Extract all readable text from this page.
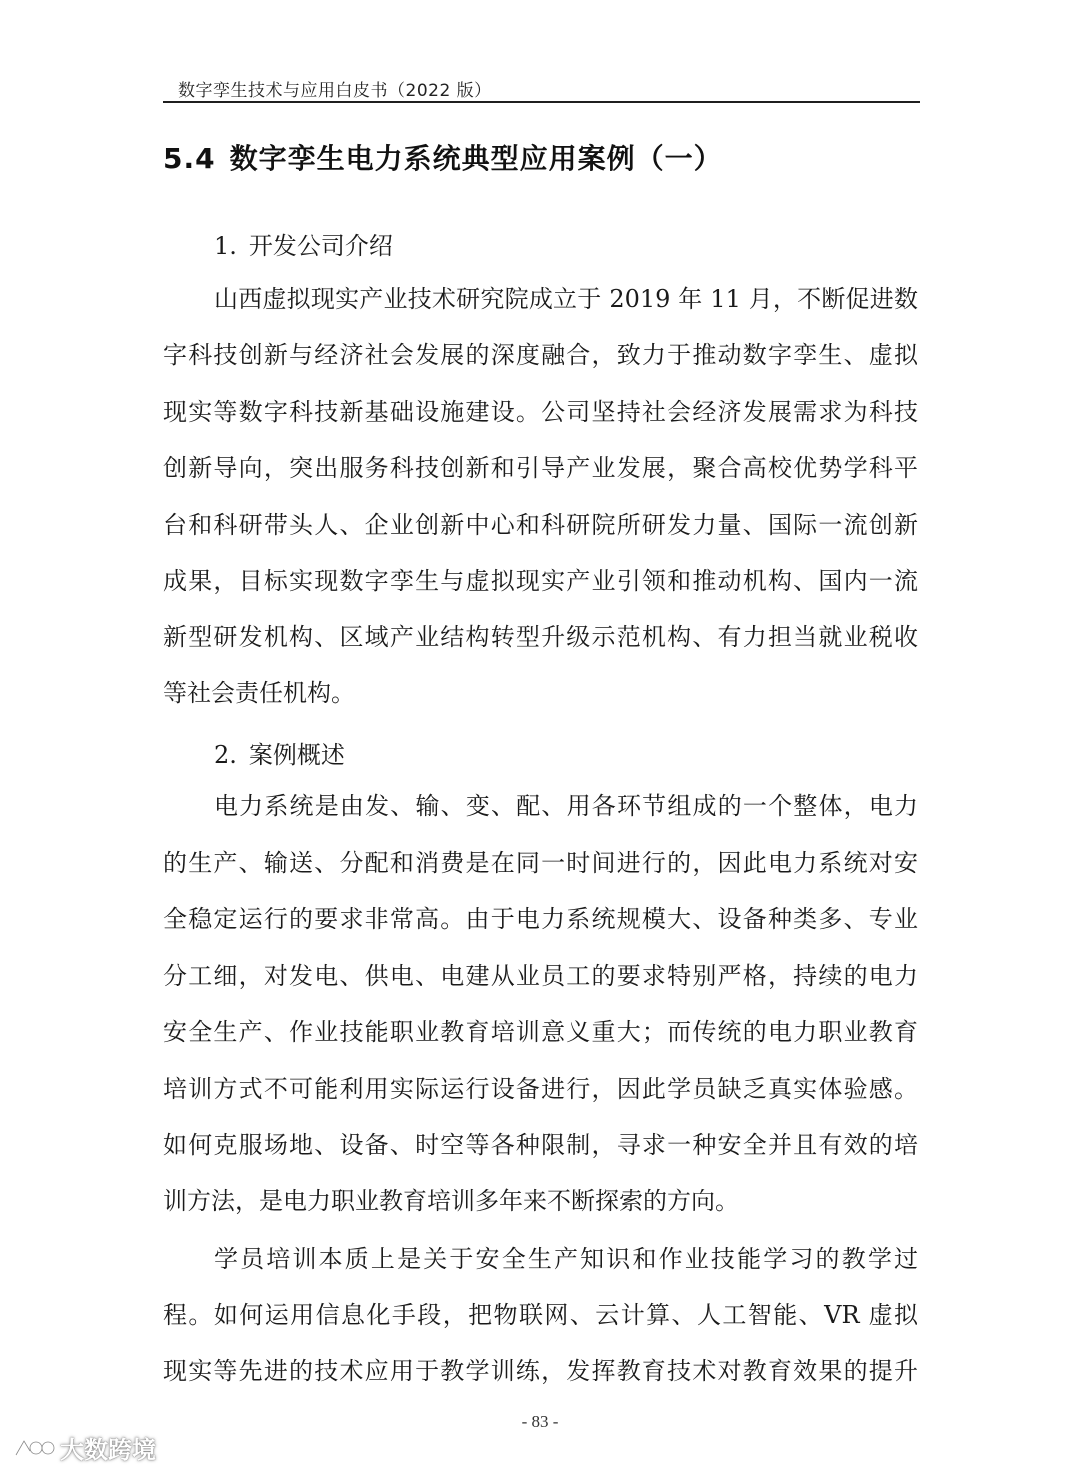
数字孪生技术与应用白皮书（2022 版）
5.4 数字孪生电力系统典型应用案例（一）
1. 开发公司介绍
山西虚拟现实产业技术研究院成立于 2019 年 11 月，不断促进数
字科技创新与经济社会发展的深度融合，致力于推动数字孪生、虚拟
现实等数字科技新基础设施建设。公司坚持社会经济发展需求为科技
创新导向，突出服务科技创新和引导产业发展，聚合高校优势学科平
台和科研带头人、企业创新中心和科研院所研发力量、国际一流创新
成果，目标实现数字孪生与虚拟现实产业引领和推动机构、国内一流
新型研发机构、区域产业结构转型升级示范机构、有力担当就业税收
等社会责任机构。
2. 案例概述
电力系统是由发、输、变、配、用各环节组成的一个整体，电力
的生产、输送、分配和消费是在同一时间进行的，因此电力系统对安
全稳定运行的要求非常高。由于电力系统规模大、设备种类多、专业
分工细，对发电、供电、电建从业员工的要求特别严格，持续的电力
安全生产、作业技能职业教育培训意义重大；而传统的电力职业教育
培训方式不可能利用实际运行设备进行，因此学员缺乏真实体验感。
如何克服场地、设备、时空等各种限制，寻求一种安全并且有效的培
训方法，是电力职业教育培训多年来不断探索的方向。
学员培训本质上是关于安全生产知识和作业技能学习的教学过
程。如何运用信息化手段，把物联网、云计算、人工智能、VR 虚拟
现实等先进的技术应用于教学训练，发挥教育技术对教育效果的提升
- 83 -
大数跨境
